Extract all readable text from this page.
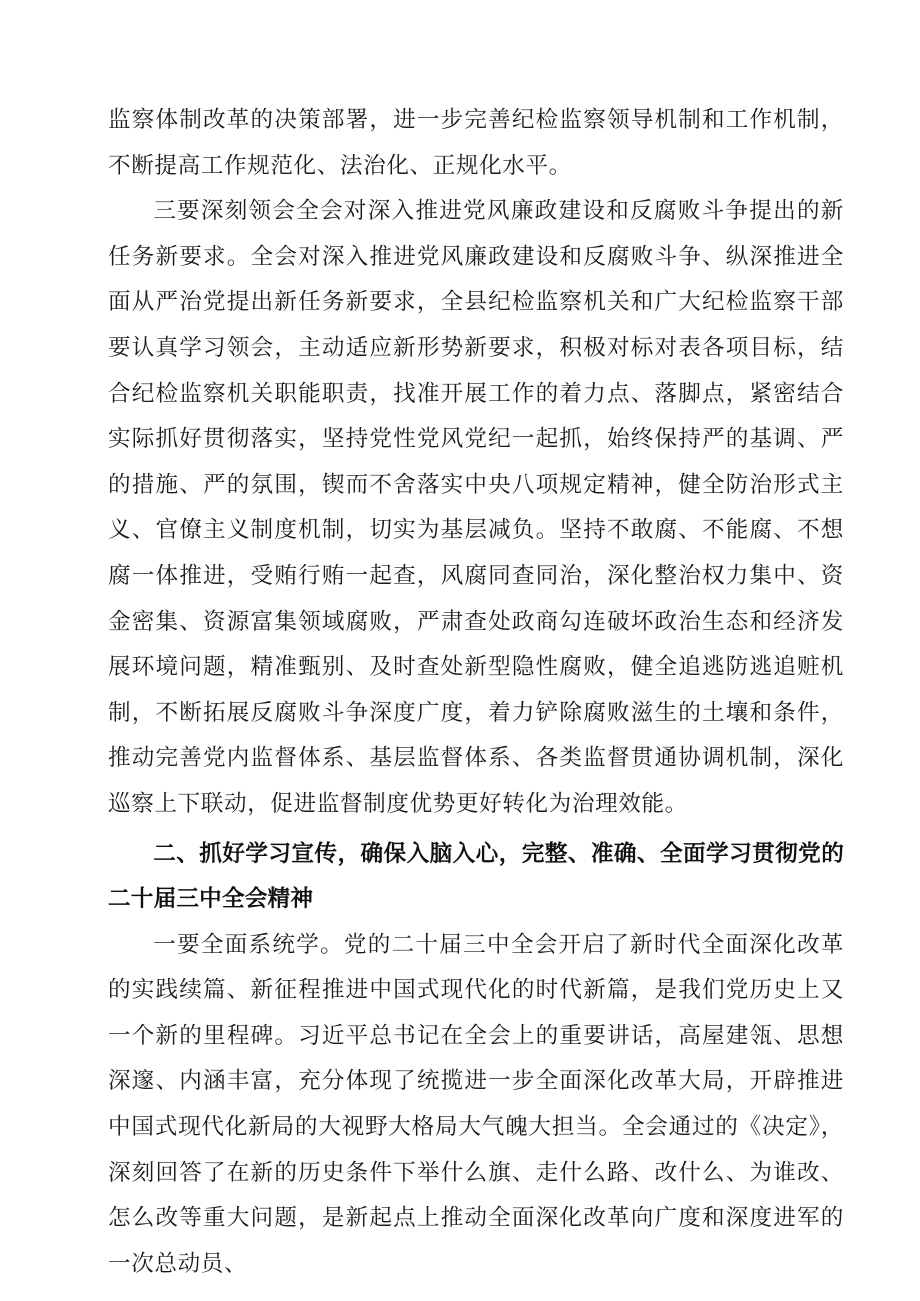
监察体制改革的决策部署，进一步完善纪检监察领导机制和工作机制，不断提高工作规范化、法治化、正规化水平。

三要深刻领会全会对深入推进党风廉政建设和反腐败斗争提出的新任务新要求。全会对深入推进党风廉政建设和反腐败斗争、纵深推进全面从严治党提出新任务新要求，全县纪检监察机关和广大纪检监察干部要认真学习领会，主动适应新形势新要求，积极对标对表各项目标，结合纪检监察机关职能职责，找准开展工作的着力点、落脚点，紧密结合实际抓好贯彻落实，坚持党性党风党纪一起抓，始终保持严的基调、严的措施、严的氛围，锲而不舍落实中央八项规定精神，健全防治形式主义、官僚主义制度机制，切实为基层减负。坚持不敢腐、不能腐、不想腐一体推进，受贿行贿一起查，风腐同查同治，深化整治权力集中、资金密集、资源富集领域腐败，严肃查处政商勾连破坏政治生态和经济发展环境问题，精准甄别、及时查处新型隐性腐败，健全追逃防逃追赃机制，不断拓展反腐败斗争深度广度，着力铲除腐败滋生的土壤和条件，推动完善党内监督体系、基层监督体系、各类监督贯通协调机制，深化巡察上下联动，促进监督制度优势更好转化为治理效能。

二、抓好学习宣传，确保入脑入心，完整、准确、全面学习贯彻党的二十届三中全会精神

一要全面系统学。党的二十届三中全会开启了新时代全面深化改革的实践续篇、新征程推进中国式现代化的时代新篇，是我们党历史上又一个新的里程碑。习近平总书记在全会上的重要讲话，高屋建瓴、思想深邃、内涵丰富，充分体现了统揽进一步全面深化改革大局，开辟推进中国式现代化新局的大视野大格局大气魄大担当。全会通过的《决定》，深刻回答了在新的历史条件下举什么旗、走什么路、改什么、为谁改、怎么改等重大问题，是新起点上推动全面深化改革向广度和深度进军的一次总动员、
